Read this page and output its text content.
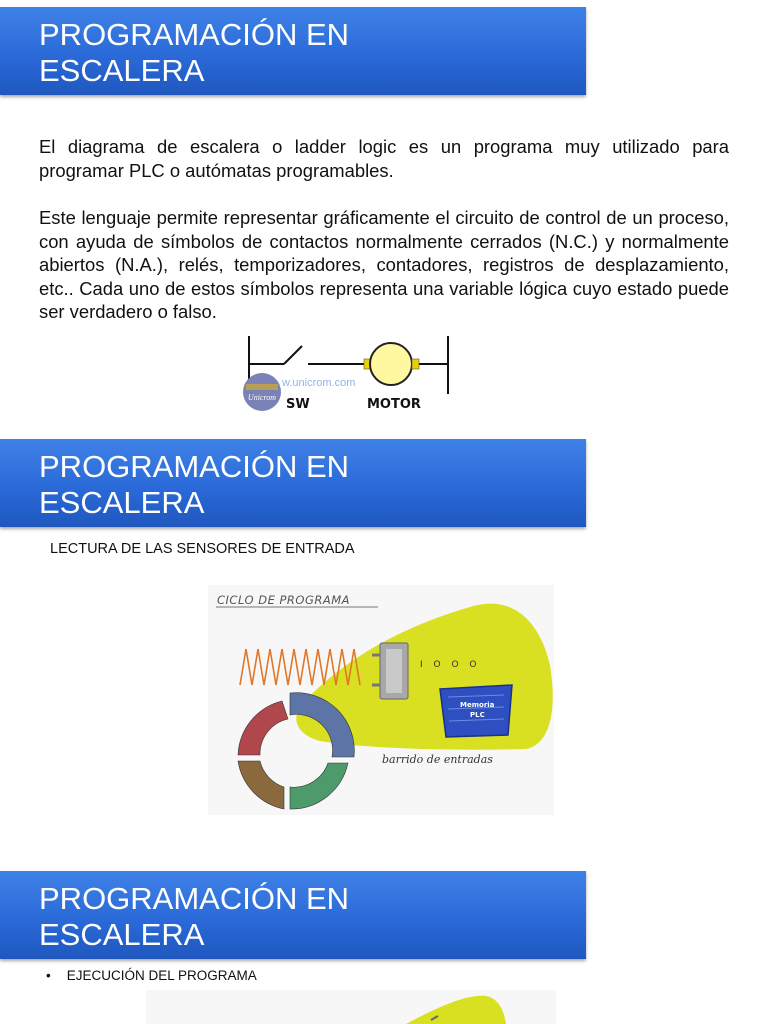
PROGRAMACIÓN EN
ESCALERA

El diagrama de escalera o ladder logic es un programa muy utilizado para programar PLC o autómatas programables.

Este lenguaje permite representar gráficamente el circuito de control de un proceso, con ayuda de símbolos de contactos normalmente cerrados (N.C.) y normalmente abiertos (N.A.), relés, temporizadores, contadores, registros de desplazamiento, etc.. Cada uno de estos símbolos representa una variable lógica cuyo estado puede ser verdadero o falso.

w.unicrom.com
Unicrom SW	MOTOR
PROGRAMACIÓN EN
ESCALERA
LECTURA DE LAS SENSORES DE ENTRADA
CICLO DE PROGRAMA
I O O O
Memoria
PLC
barrido de entradas
PROGRAMACIÓN EN
ESCALERA
• EJECUCIÓN DEL PROGRAMA
